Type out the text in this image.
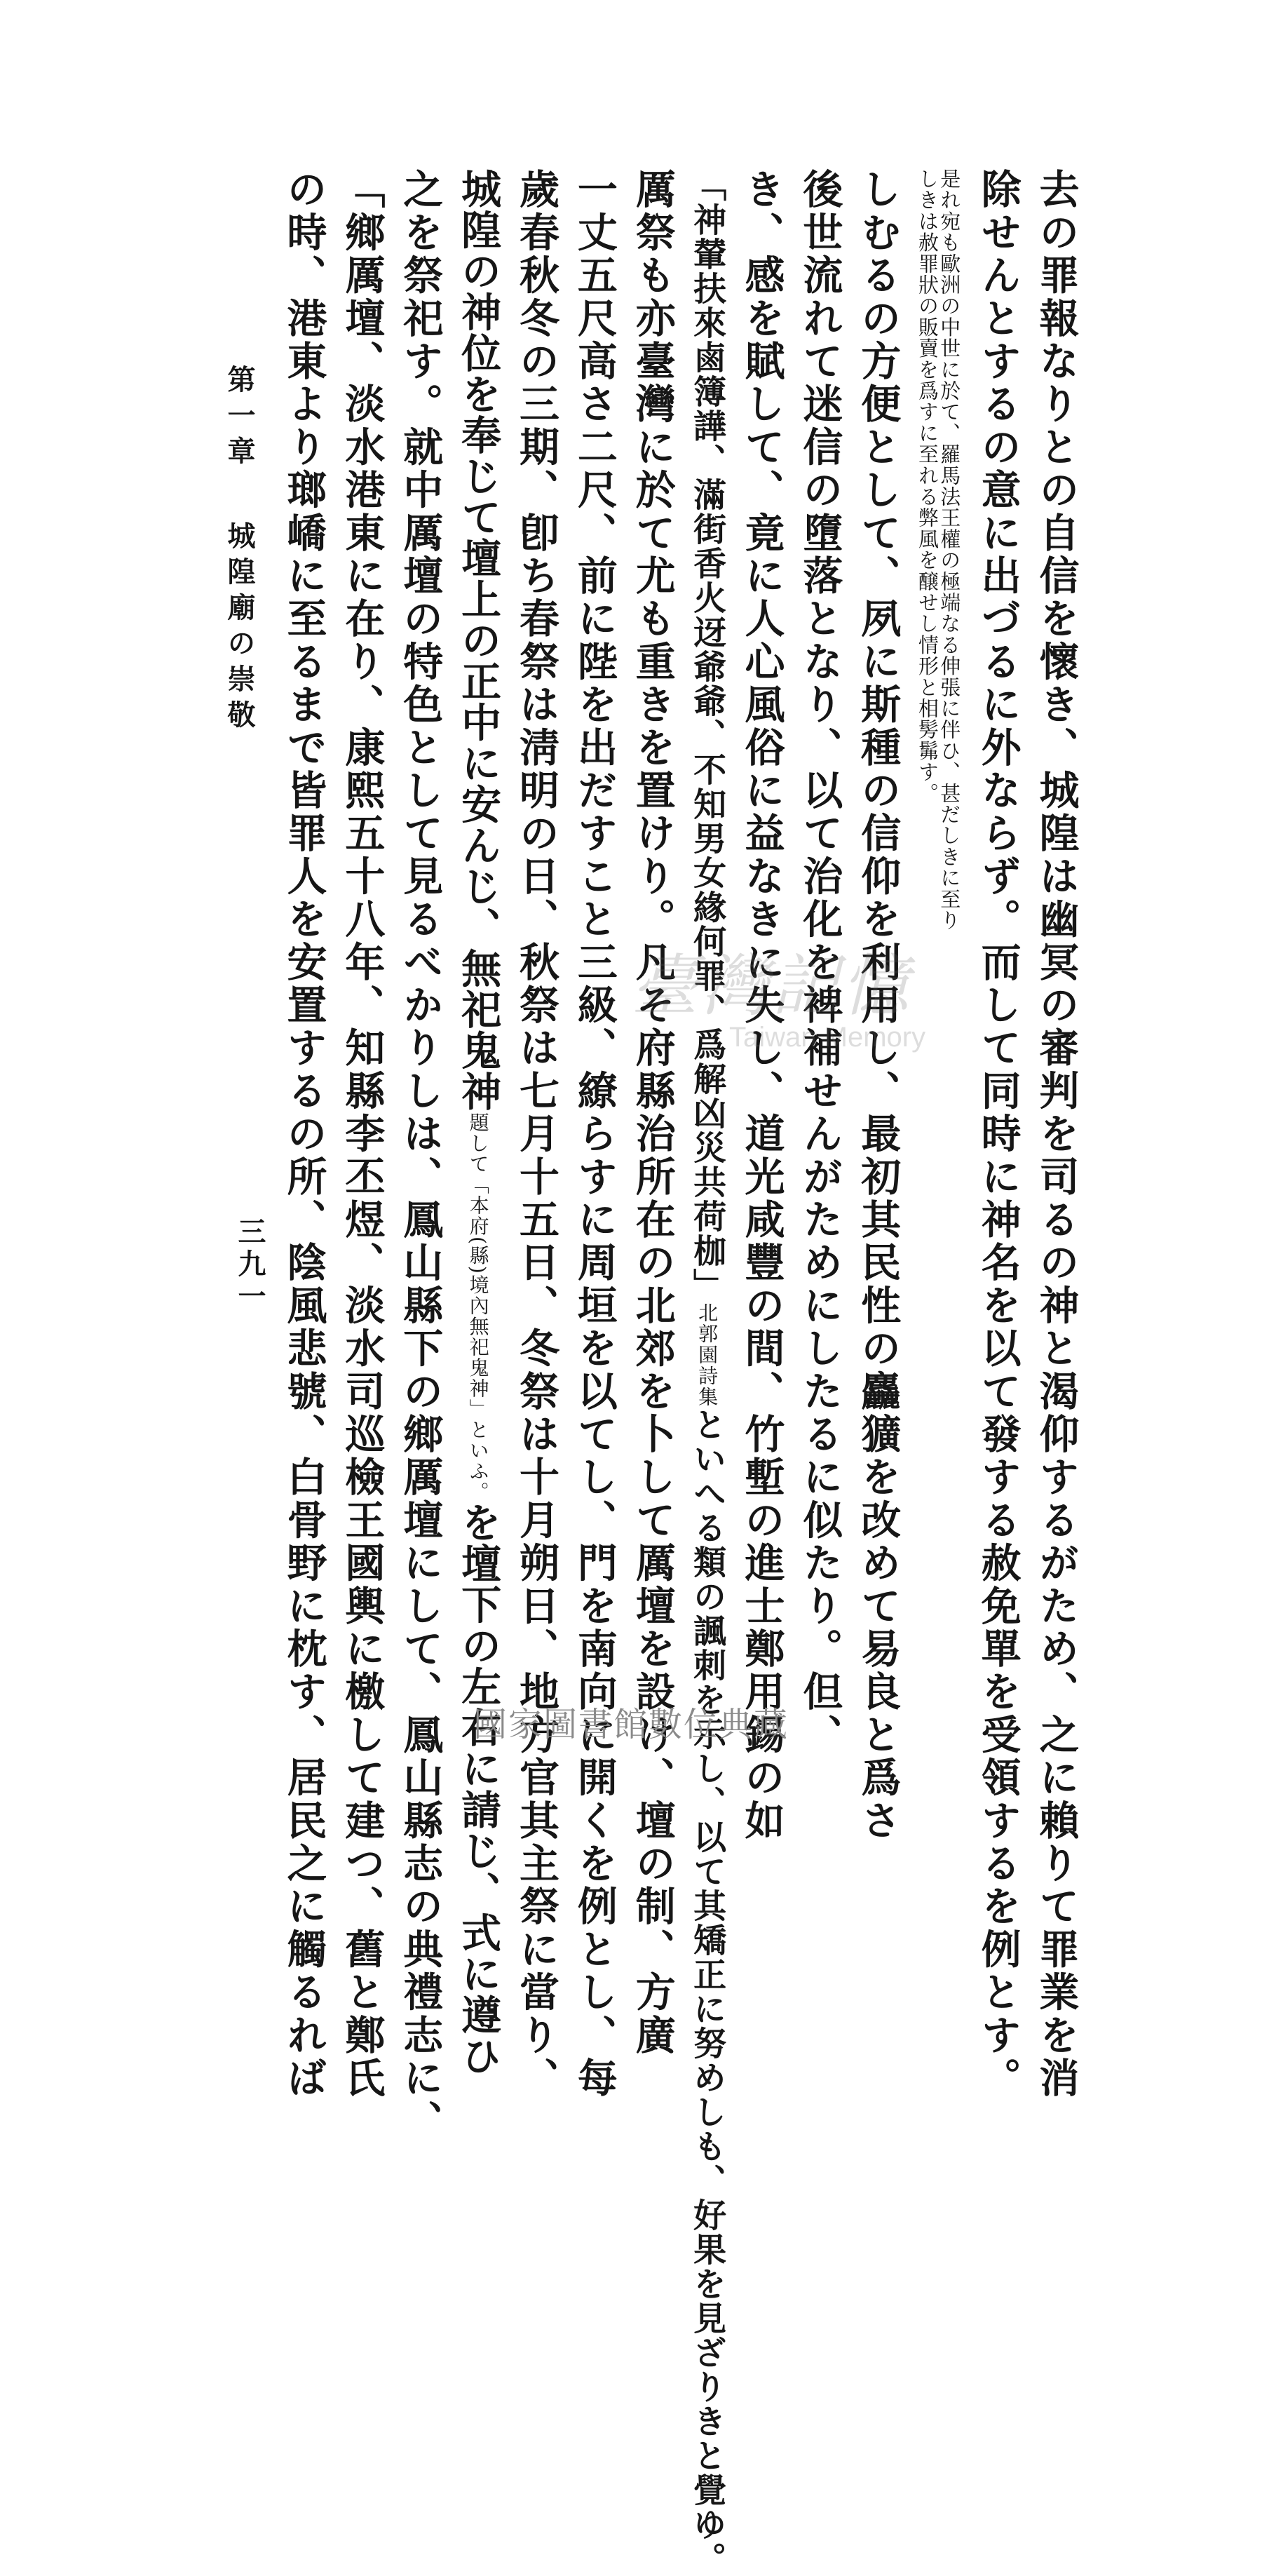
去の罪報なりとの自信を懷き、城隍は幽冥の審判を司るの神と渴仰するがため、之に賴りて罪業を消
除せんとするの意に出づるに外ならず。而して同時に神名を以て發する赦免單を受領するを例とす。
是れ宛も歐洲の中世に於て、羅馬法王權の極端なる伸張に伴ひ、甚だしきに至り
しきは赦罪狀の販賣を爲すに至れる弊風を醸せし情形と相髣髴す。
しむるの方便として、夙に斯種の信仰を利用し、最初其民性の麤獷を改めて易良と爲さ
後世流れて迷信の墮落となり、以て治化を裨補せんがためにしたるに似たり。但、
き、感を賦して、竟に人心風俗に益なきに失し、道光咸豐の間、竹塹の進士鄭用錫の如
「神輦扶來鹵簿譁、滿街香火迓爺爺、不知男女緣何罪、爲解凶災共荷枷」北郭園詩集といへる類の諷刺を示し、以て其矯正に努めしも、好果を見ざりきと覺ゆ。
厲祭も亦臺灣に於て尤も重きを置けり。凡そ府縣治所在の北郊を卜して厲壇を設け、壇の制、方廣
一丈五尺高さ二尺、前に陛を出だすこと三級、繚らすに周垣を以てし、門を南向に開くを例とし、每
歲春秋冬の三期、卽ち春祭は淸明の日、秋祭は七月十五日、冬祭は十月朔日、地方官其主祭に當り、
城隍の神位を奉じて壇上の正中に安んじ、無祀鬼神題して「本府(縣)境內無祀鬼神」といふ。を壇下の左右に請じ、式に遵ひ
之を祭祀す。就中厲壇の特色として見るべかりしは、鳳山縣下の鄉厲壇にして、鳳山縣志の典禮志に、
「鄉厲壇、淡水港東に在り、康熙五十八年、知縣李丕煜、淡水司巡檢王國輿に檄して建つ、舊と鄭氏
の時、港東より瑯嶠に至るまで皆罪人を安置するの所、陰風悲號、白骨野に枕す、居民之に觸るれば
第一章城隍廟の崇敬
三九一
臺灣記憶
Taiwan Memory
國家圖書館數位典藏
